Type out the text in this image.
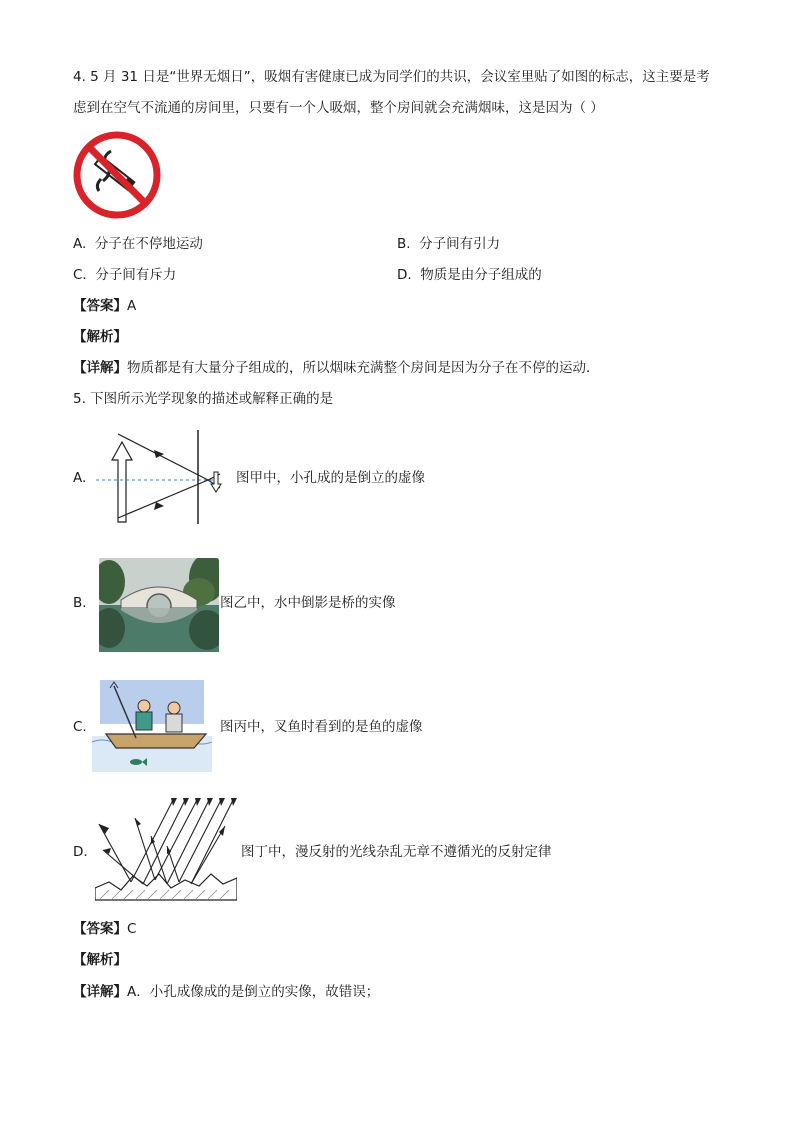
4. 5 月 31 日是“世界无烟日”，吸烟有害健康已成为同学们的共识，会议室里贴了如图的标志，这主要是考
虑到在空气不流通的房间里，只要有一个人吸烟，整个房间就会充满烟味，这是因为（ ）
A. 分子在不停地运动	B. 分子间有引力
C. 分子间有斥力	D. 物质是由分子组成的
【答案】A
【解析】
【详解】物质都是有大量分子组成的，所以烟味充满整个房间是因为分子在不停的运动．
5. 下图所示光学现象的描述或解释正确的是
A.	图甲中，小孔成的是倒立的虚像
B.	图乙中，水中倒影是桥的实像
C.	图丙中，叉鱼时看到的是鱼的虚像
D.	图丁中，漫反射的光线杂乱无章不遵循光的反射定律
【答案】C
【解析】
【详解】A．小孔成像成的是倒立的实像，故错误；
